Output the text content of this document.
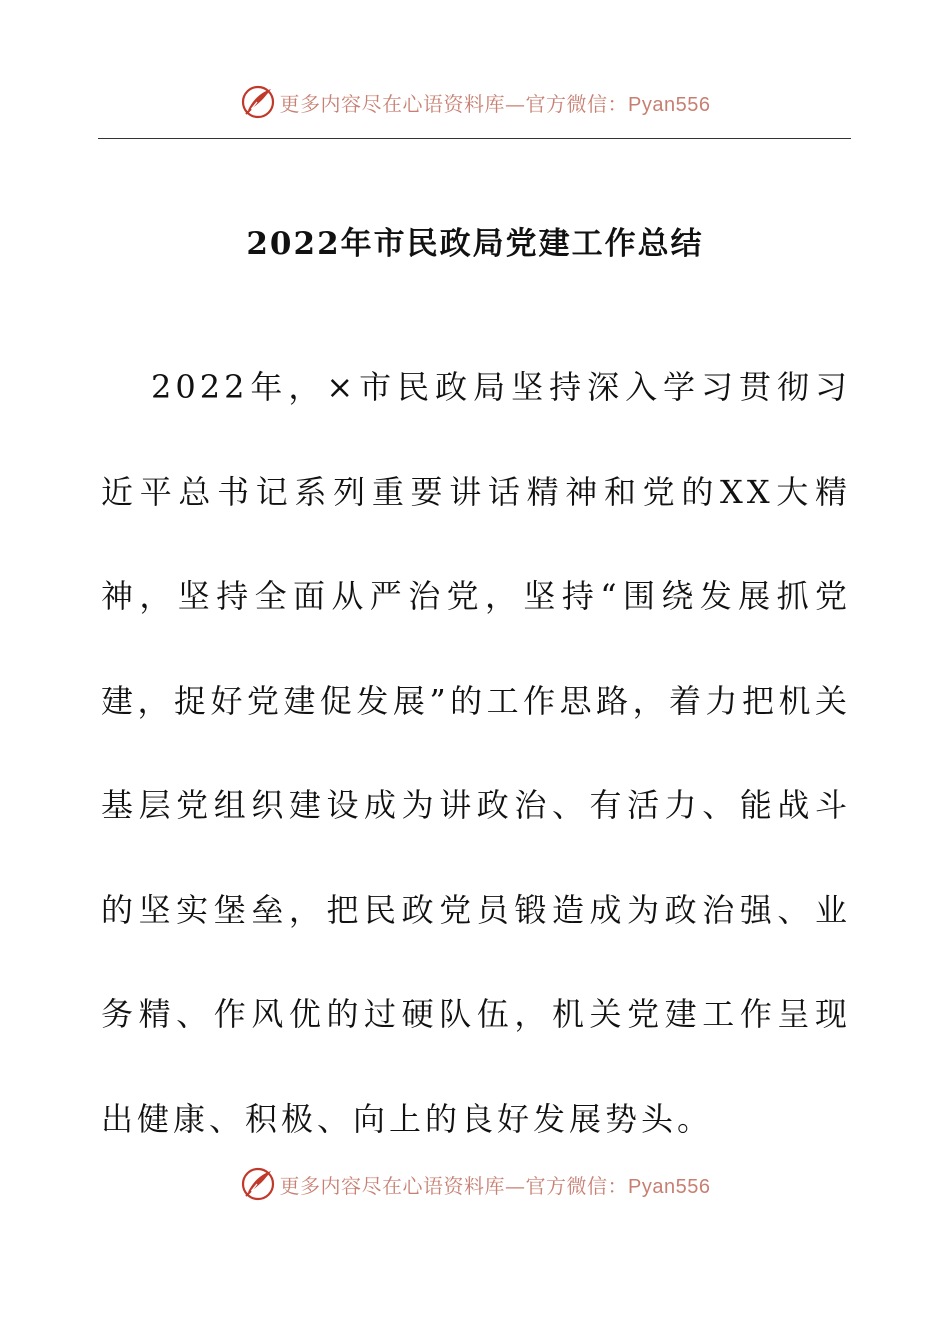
更多内容尽在心语资料库—官方微信：Pyan556
2022年市民政局党建工作总结

2022年，×市民政局坚持深入学习贯彻习近平总书记系列重要讲话精神和党的XX大精神，坚持全面从严治党，坚持“围绕发展抓党建，捉好党建促发展”的工作思路，着力把机关基层党组织建设成为讲政治、有活力、能战斗的坚实堡垒，把民政党员锻造成为政治强、业务精、作风优的过硬队伍，机关党建工作呈现出健康、积极、向上的良好发展势头。

更多内容尽在心语资料库—官方微信：Pyan556
